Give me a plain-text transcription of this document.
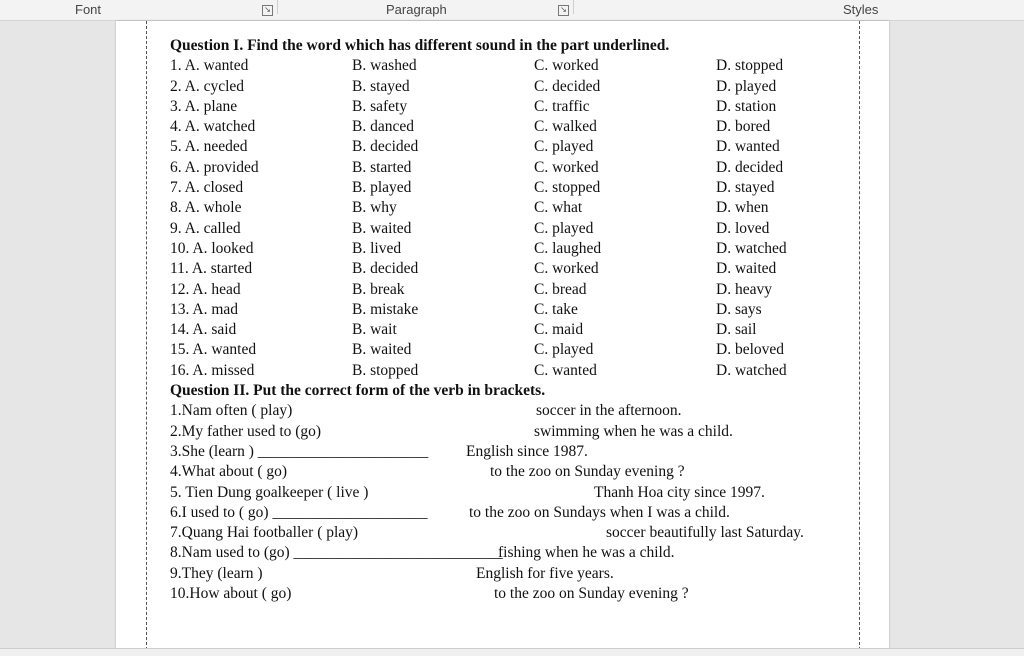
Font	↘	Paragraph	↘	Styles
Question I. Find the word which has different sound in the part underlined.
1. A. wanted	B. washed	C. worked	D. stopped
2. A. cycled	B. stayed	C. decided	D. played
3. A. plane	B. safety	C. traffic	D. station
4. A. watched	B. danced	C. walked	D. bored
5. A. needed	B. decided	C. played	D. wanted
6. A. provided	B. started	C. worked	D. decided
7. A. closed	B. played	C. stopped	D. stayed
8. A. whole	B. why	C. what	D. when
9. A. called	B. waited	C. played	D. loved
10. A. looked	B. lived	C. laughed	D. watched
11. A. started	B. decided	C. worked	D. waited
12. A. head	B. break	C. bread	D. heavy
13. A. mad	B. mistake	C. take	D. says
14. A. said	B. wait	C. maid	D. sail
15. A. wanted	B. waited	C. played	D. beloved
16. A. missed	B. stopped	C. wanted	D. watched
Question II. Put the correct form of the verb in brackets.
1.Nam often ( play)	soccer in the afternoon.
2.My father used to (go)	swimming when he was a child.
3.She (learn ) ______________________ English since 1987.
4.What about ( go)	to the zoo on Sunday evening ?
5. Tien Dung goalkeeper ( live )	Thanh Hoa city since 1997.
6.I used to ( go) ____________________	to the zoo on Sundays when I was a child.
7.Quang Hai footballer ( play)	soccer beautifully last Saturday.
8.Nam used to (go) ___________________________
fishing when he was a child.
9.They (learn )	English for five years.
10.How about ( go)	to the zoo on Sunday evening ?
